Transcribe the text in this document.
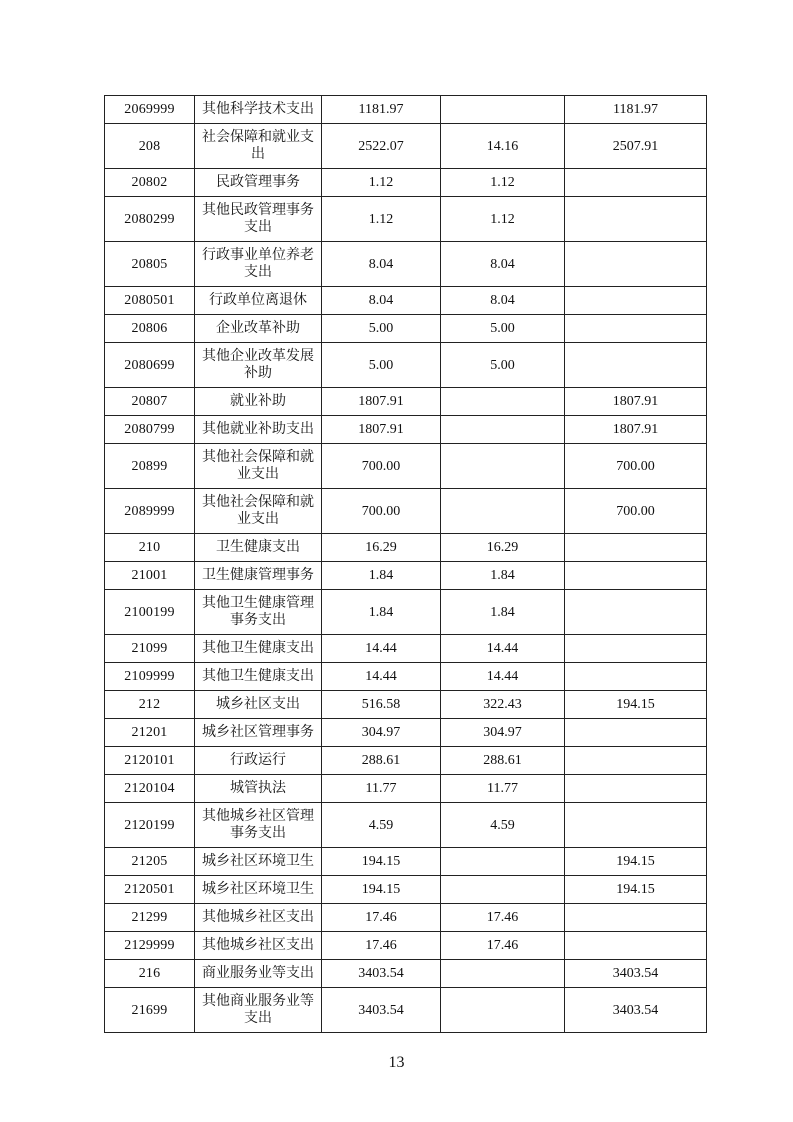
2069999	其他科学技术支出	1181.97		1181.97
208	社会保障和就业支出	2522.07	14.16	2507.91
20802	民政管理事务	1.12	1.12	
2080299	其他民政管理事务支出	1.12	1.12	
20805	行政事业单位养老支出	8.04	8.04	
2080501	行政单位离退休	8.04	8.04	
20806	企业改革补助	5.00	5.00	
2080699	其他企业改革发展补助	5.00	5.00	
20807	就业补助	1807.91		1807.91
2080799	其他就业补助支出	1807.91		1807.91
20899	其他社会保障和就业支出	700.00		700.00
2089999	其他社会保障和就业支出	700.00		700.00
210	卫生健康支出	16.29	16.29	
21001	卫生健康管理事务	1.84	1.84	
2100199	其他卫生健康管理事务支出	1.84	1.84	
21099	其他卫生健康支出	14.44	14.44	
2109999	其他卫生健康支出	14.44	14.44	
212	城乡社区支出	516.58	322.43	194.15
21201	城乡社区管理事务	304.97	304.97	
2120101	行政运行	288.61	288.61	
2120104	城管执法	11.77	11.77	
2120199	其他城乡社区管理事务支出	4.59	4.59	
21205	城乡社区环境卫生	194.15		194.15
2120501	城乡社区环境卫生	194.15		194.15
21299	其他城乡社区支出	17.46	17.46	
2129999	其他城乡社区支出	17.46	17.46	
216	商业服务业等支出	3403.54		3403.54
21699	其他商业服务业等支出	3403.54		3403.54
13
